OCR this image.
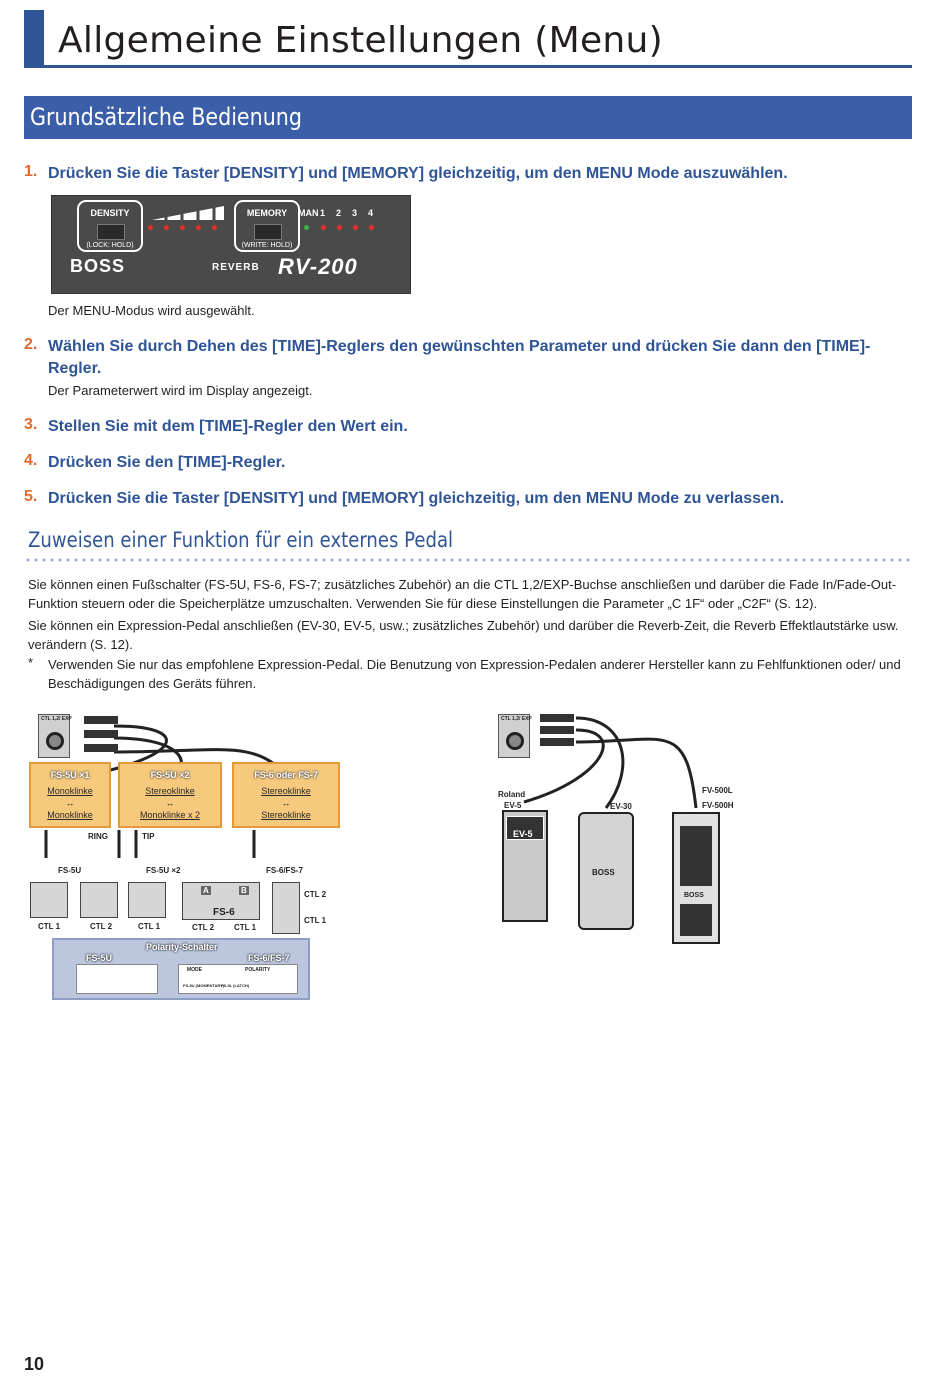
Allgemeine Einstellungen (Menu)
Grundsätzliche Bedienung
1. Drücken Sie die Taster [DENSITY] und [MEMORY] gleichzeitig, um den MENU Mode auszuwählen.
DENSITY
(LOCK: HOLD)
MEMORY
(WRITE: HOLD)
MAN 1 2 3 4
BOSS	REVERB RV-200
Der MENU-Modus wird ausgewählt.
2. Wählen Sie durch Dehen des [TIME]-Reglers den gewünschten Parameter und drücken Sie dann den [TIME]-Regler.
Der Parameterwert wird im Display angezeigt.
3. Stellen Sie mit dem [TIME]-Regler den Wert ein.
4. Drücken Sie den [TIME]-Regler.
5. Drücken Sie die Taster [DENSITY] und [MEMORY] gleichzeitig, um den MENU Mode zu verlassen.
Zuweisen einer Funktion für ein externes Pedal
Sie können einen Fußschalter (FS-5U, FS-6, FS-7; zusätzliches Zubehör) an die CTL 1,2/EXP-Buchse anschließen und darüber die Fade In/Fade-Out-Funktion steuern oder die Speicherplätze umzuschalten. Verwenden Sie für diese Einstellungen die Parameter „C 1F“ oder „C2F“ (S. 12).
Sie können ein Expression-Pedal anschließen (EV-30, EV-5, usw.; zusätzliches Zubehör) und darüber die Reverb-Zeit, die Reverb Effektlautstärke usw. verändern (S. 12).
* Verwenden Sie nur das empfohlene Expression-Pedal. Die Benutzung von Expression-Pedalen anderer Hersteller kann zu Fehlfunktionen oder/ und Beschädigungen des Geräts führen.
CTL 1,2/ EXP
FS-5U ×1
Monoklinke
↔
Monoklinke
FS-5U ×2
Stereoklinke
↔
Monoklinke x 2
FS-6 oder FS-7
Stereoklinke
↔
Stereoklinke
RING	TIP
FS-5U	FS-5U ×2	FS-6/FS-7
A	B
FS-6
CTL 2
CTL 1
CTL 1	CTL 2	CTL 1	CTL 2 CTL 1
Polarity-Schalter
FS-5U	FS-6/FS-7
MODE	POLARITY
FS-5U (MOMENTARY)
FS-5L (LATCH)
CTL 1,2/ EXP
Roland
EV-5
EV-5
EV-30
BOSS
FV-500L
FV-500H
BOSS
10
